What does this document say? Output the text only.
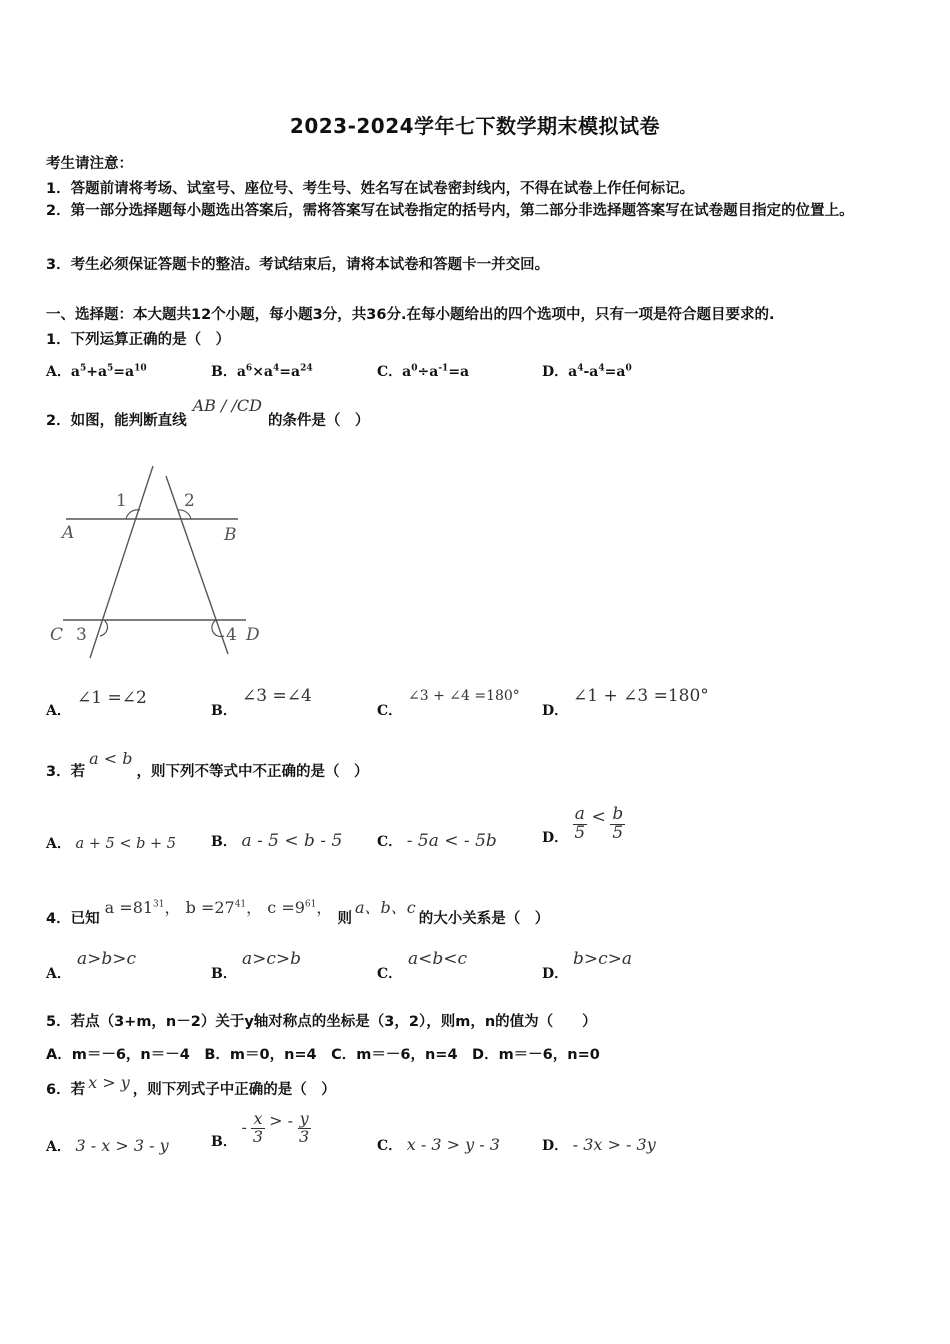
2023-2024学年七下数学期末模拟试卷
考生请注意：
1．答题前请将考场、试室号、座位号、考生号、姓名写在试卷密封线内，不得在试卷上作任何标记。
2．第一部分选择题每小题选出答案后，需将答案写在试卷指定的括号内，第二部分非选择题答案写在试卷题目指定的位置上。
3．考生必须保证答题卡的整洁。考试结束后，请将本试卷和答题卡一并交回。
一、选择题：本大题共12个小题，每小题3分，共36分.在每小题给出的四个选项中，只有一项是符合题目要求的.
1．下列运算正确的是（　）
A．$a^5+a^5=a^{10}$	B．$a^6\times a^4=a^{24}$	C．$a^0\div a^{-1}=a$	D．$a^4-a^4=a^0$
2．如图，能判断直线AB / /CD的条件是（　）
A	B
C	D
1	2
3	4
A．
∠1 =∠2
B．
∠3 =∠4
C．
∠3 + ∠4 =180°
D．
∠1 + ∠3 =180°
3．若a < b，则下列不等式中不正确的是（　）
A． a + 5 < b + 5	B． a - 5 < b - 5 C． - 5a < - 5b	D． $\frac{a}{5} < \frac{b}{5}$
4．已知 $a =81^{31}$， $b =27^{41}$， $c =9^{61}$， 则a、b、c的大小关系是（　）
A．
a>b>c
B．
a>c>b
C．
a<b<c
D．
b>c>a
5．若点（3+m，n－2）关于y轴对称点的坐标是（3，2），则m，n的值为（　　）
A．m＝－6，n＝－4　B．m＝0，n=4　C．m＝－6，n=4　D．m＝－6，n=0
6．若 x > y ，则下列式子中正确的是（　）
A． 3 - x > 3 - y	B． - $\frac{x}{3}$ > - $\frac{y}{3}$
C． x - 3 > y - 3	D． - 3x > - 3y
